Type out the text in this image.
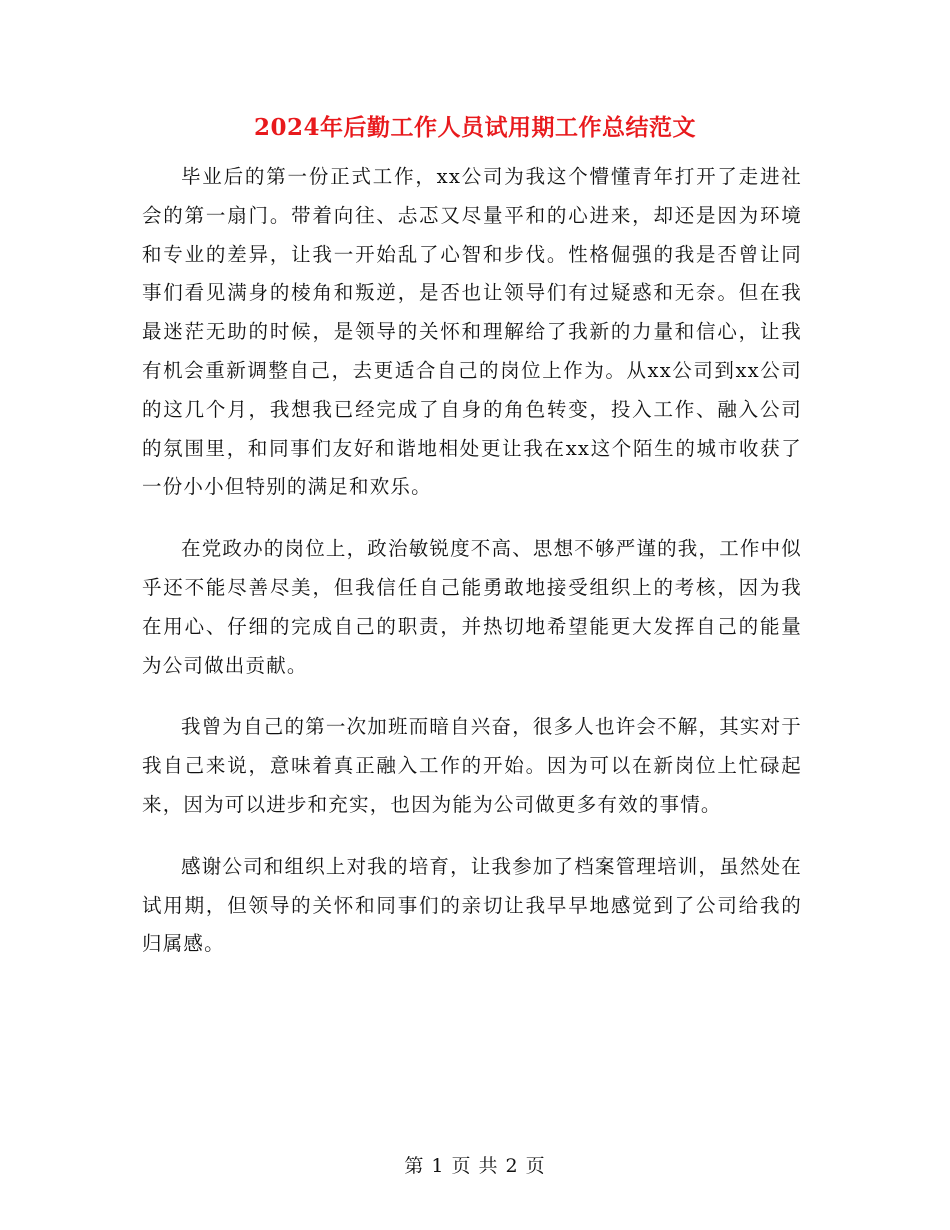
2024年后勤工作人员试用期工作总结范文

毕业后的第一份正式工作，xx公司为我这个懵懂青年打开了走进社会的第一扇门。带着向往、忐忑又尽量平和的心进来，却还是因为环境和专业的差异，让我一开始乱了心智和步伐。性格倔强的我是否曾让同事们看见满身的棱角和叛逆，是否也让领导们有过疑惑和无奈。但在我最迷茫无助的时候，是领导的关怀和理解给了我新的力量和信心，让我有机会重新调整自己，去更适合自己的岗位上作为。从xx公司到xx公司的这几个月，我想我已经完成了自身的角色转变，投入工作、融入公司的氛围里，和同事们友好和谐地相处更让我在xx这个陌生的城市收获了一份小小但特别的满足和欢乐。

在党政办的岗位上，政治敏锐度不高、思想不够严谨的我，工作中似乎还不能尽善尽美，但我信任自己能勇敢地接受组织上的考核，因为我在用心、仔细的完成自己的职责，并热切地希望能更大发挥自己的能量为公司做出贡献。

我曾为自己的第一次加班而暗自兴奋，很多人也许会不解，其实对于我自己来说，意味着真正融入工作的开始。因为可以在新岗位上忙碌起来，因为可以进步和充实，也因为能为公司做更多有效的事情。

感谢公司和组织上对我的培育，让我参加了档案管理培训，虽然处在试用期，但领导的关怀和同事们的亲切让我早早地感觉到了公司给我的归属感。

第 1 页 共 2 页
